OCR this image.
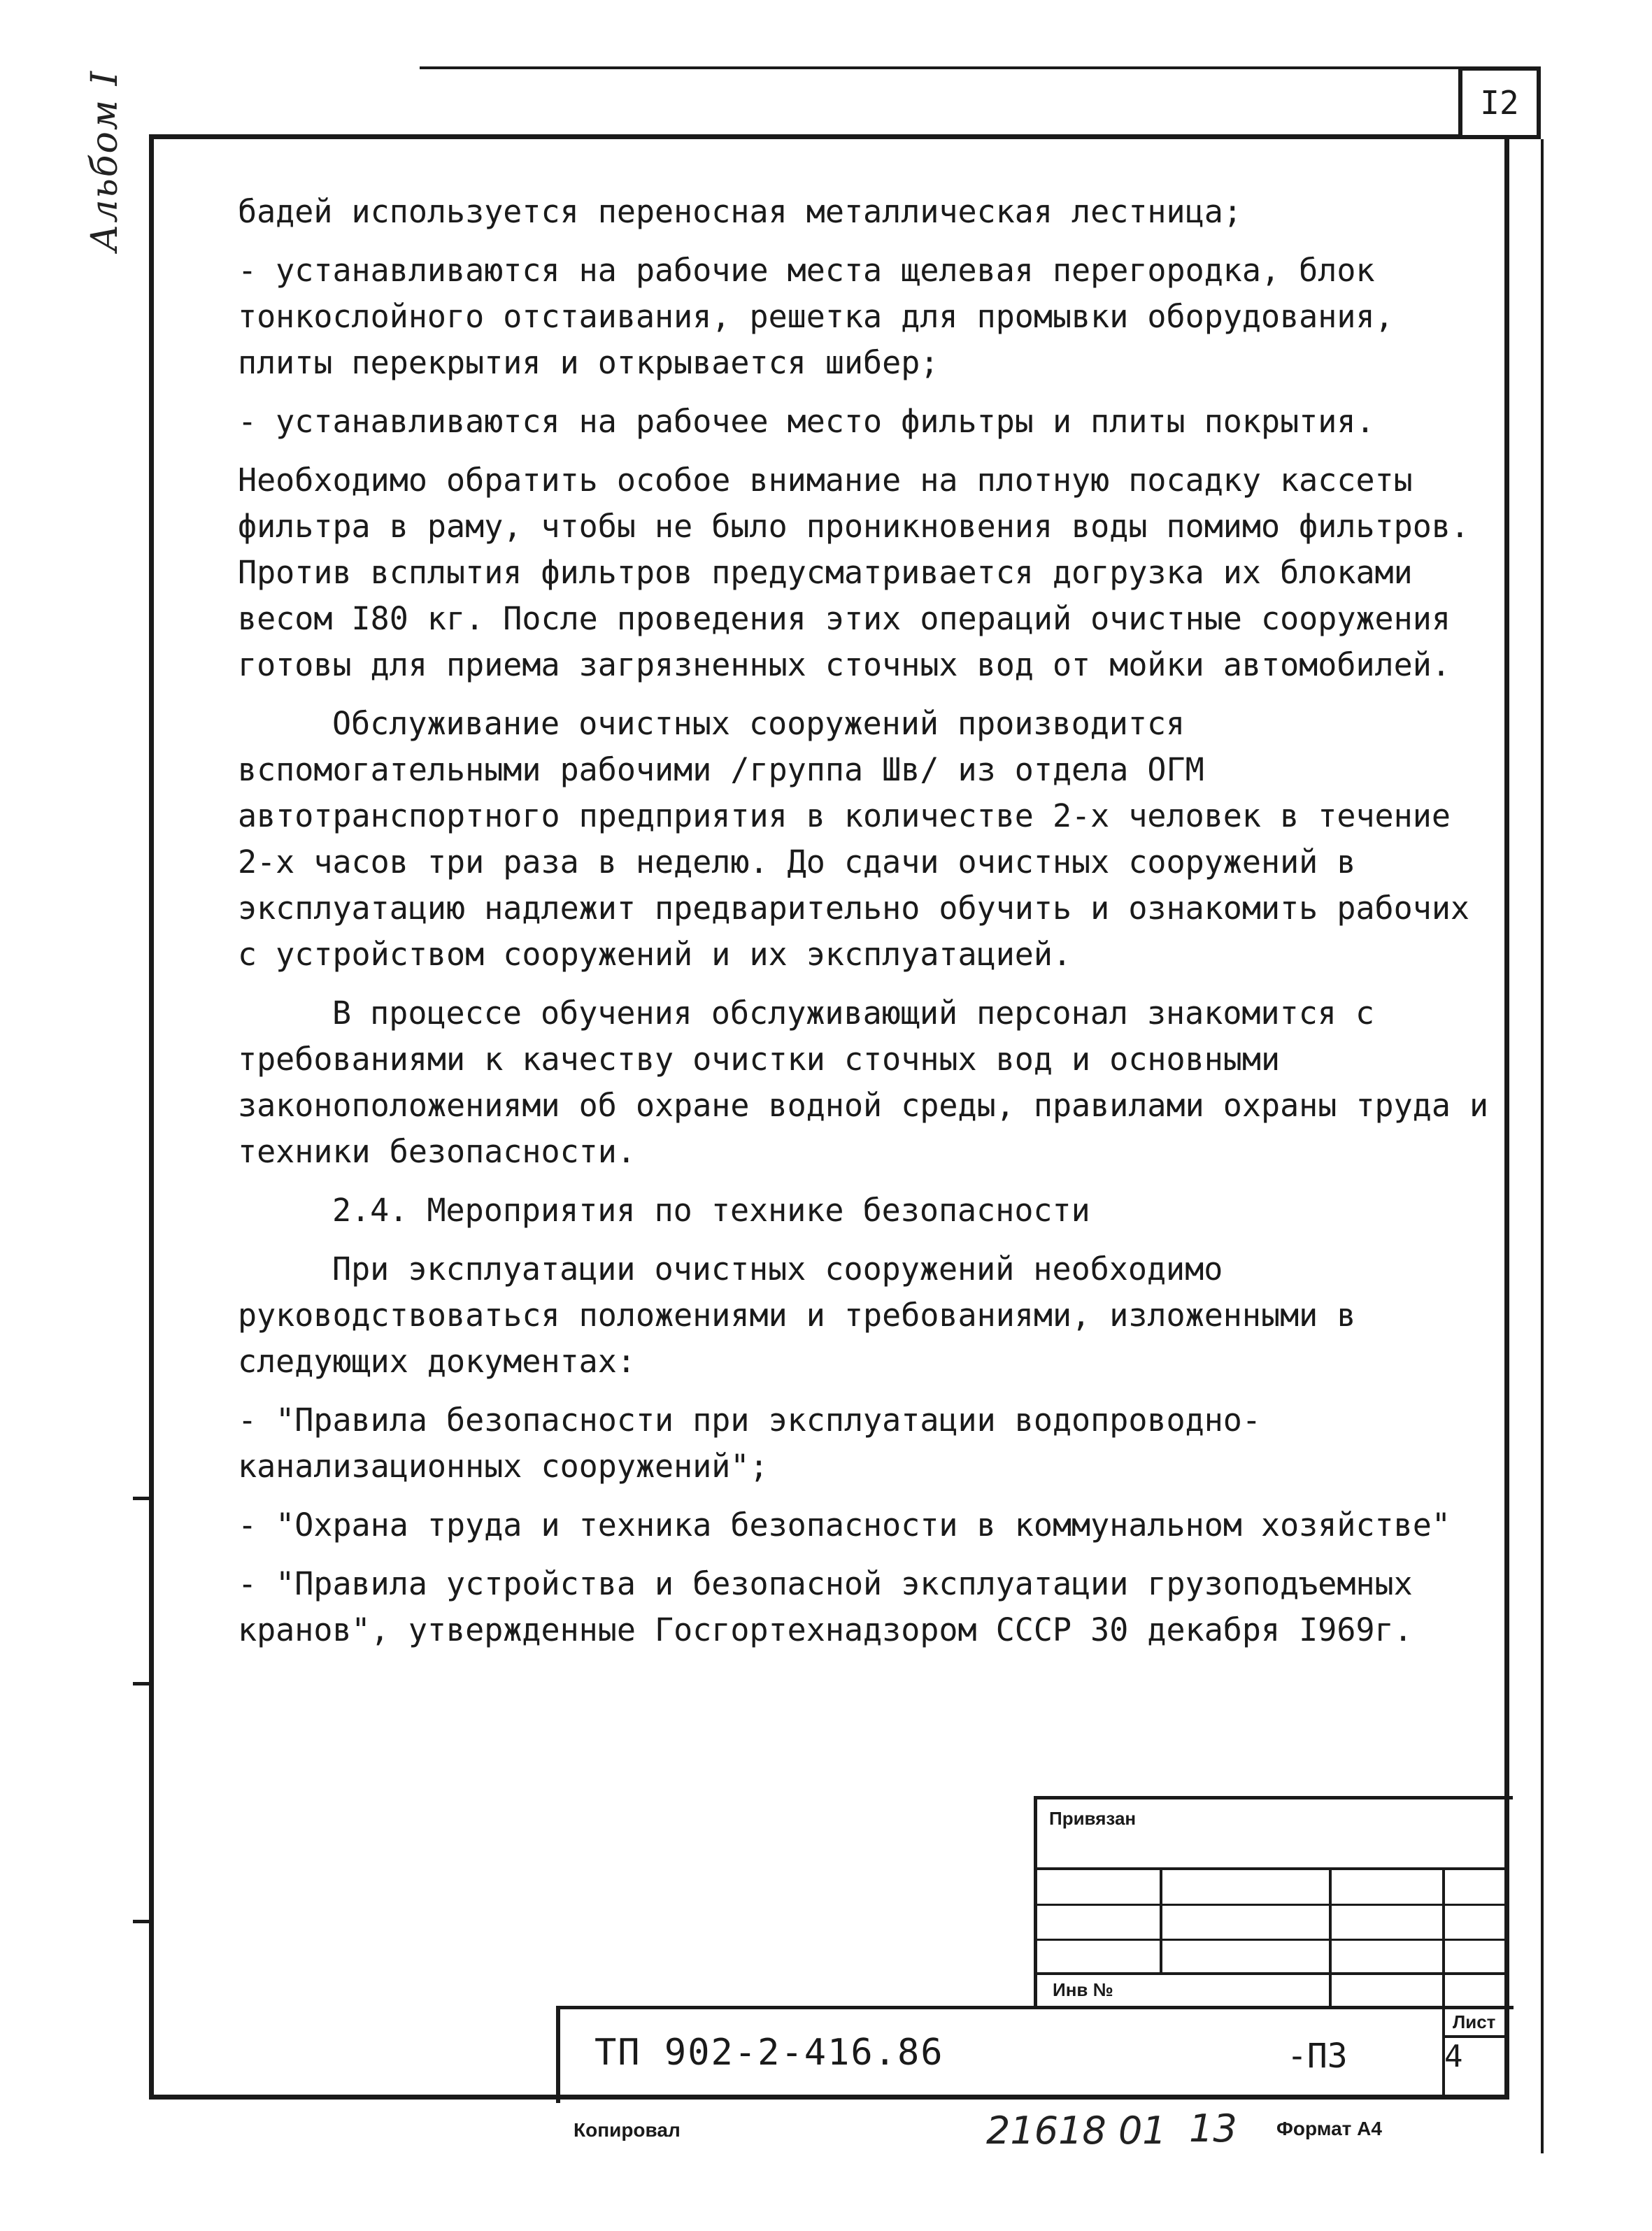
I2
Альбом I	бадей используется переносная металлическая лестница;

- устанавливаются на рабочие места щелевая перегородка, блок тонкослойного отстаивания, решетка для промывки оборудования, плиты перекрытия и открывается шибер;

- устанавливаются на рабочее место фильтры и плиты покрытия.

Необходимо обратить особое внимание на плотную посадку кассеты фильтра в раму, чтобы не было проникновения воды помимо фильтров. Против всплытия фильтров предусматривается догрузка их блоками весом I80 кг. После проведения этих операций очистные сооружения готовы для приема загрязненных сточных вод от мойки автомобилей.

Обслуживание очистных сооружений производится вспомогательными рабочими /группа Шв/ из отдела ОГМ автотранспортного предприятия в количестве 2-х человек в течение 2-х часов три раза в неделю. До сдачи очистных сооружений в эксплуатацию надлежит предварительно обучить и ознакомить рабочих с устройством сооружений и их эксплуатацией.

В процессе обучения обслуживающий персонал знакомится с требованиями к качеству очистки сточных вод и основными законоположениями об охране водной среды, правилами охраны труда и техники безопасности.

2.4. Мероприятия по технике безопасности

При эксплуатации очистных сооружений необходимо руководствоваться положениями и требованиями, изложенными в следующих документах:

- "Правила безопасности при эксплуатации водопроводно-канализационных сооружений";

- "Охрана труда и техника безопасности в коммунальном хозяйстве"

- "Правила устройства и безопасной эксплуатации грузоподъемных кранов", утвержденные Госгортехнадзором СССР 30 декабря I969г.

Привязан
Инв №
Лист
ТП 902-2-416.86	-ПЗ	4
Копировал	21618 01 13 Формат А4
